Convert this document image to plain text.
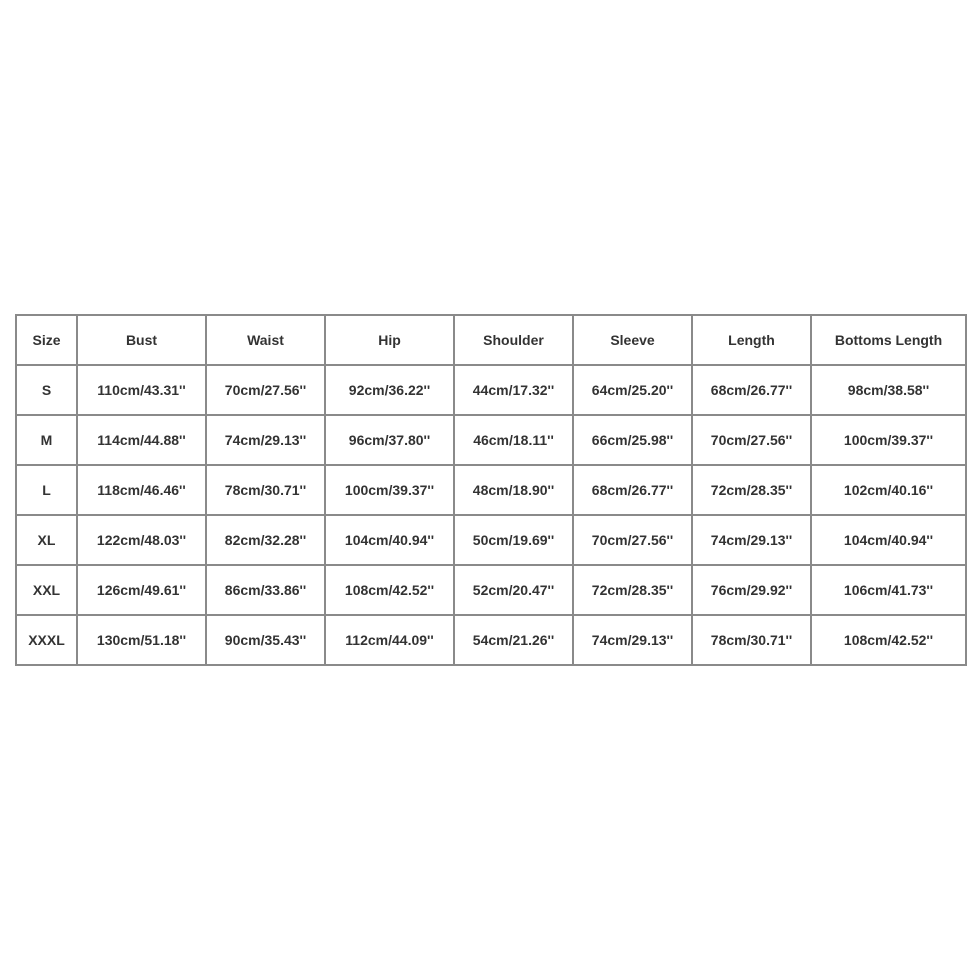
Size	Bust	Waist	Hip	Shoulder	Sleeve	Length	Bottoms Length
S	110cm/43.31''	70cm/27.56''	92cm/36.22''	44cm/17.32''	64cm/25.20''	68cm/26.77''	98cm/38.58''
M	114cm/44.88''	74cm/29.13''	96cm/37.80''	46cm/18.11''	66cm/25.98''	70cm/27.56''	100cm/39.37''
L	118cm/46.46''	78cm/30.71''	100cm/39.37''	48cm/18.90''	68cm/26.77''	72cm/28.35''	102cm/40.16''
XL	122cm/48.03''	82cm/32.28''	104cm/40.94''	50cm/19.69''	70cm/27.56''	74cm/29.13''	104cm/40.94''
XXL	126cm/49.61''	86cm/33.86''	108cm/42.52''	52cm/20.47''	72cm/28.35''	76cm/29.92''	106cm/41.73''
XXXL	130cm/51.18''	90cm/35.43''	112cm/44.09''	54cm/21.26''	74cm/29.13''	78cm/30.71''	108cm/42.52''
